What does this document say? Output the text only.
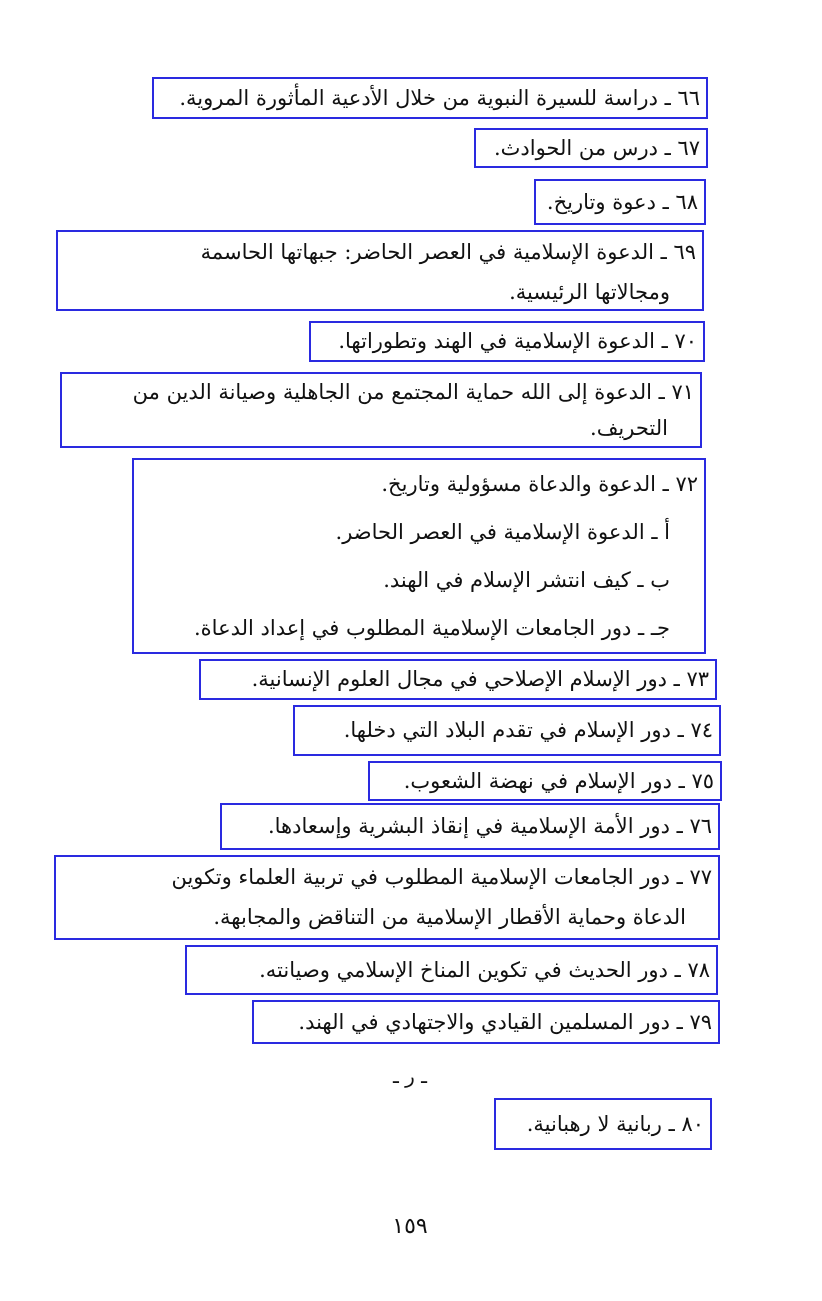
٦٦ ـ دراسة للسيرة النبوية من خلال الأدعية المأثورة المروية.
٦٧ ـ درس من الحوادث.
٦٨ ـ دعوة وتاريخ.
٦٩ ـ الدعوة الإسلامية في العصر الحاضر: جبهاتها الحاسمة
ومجالاتها الرئيسية.
٧٠ ـ الدعوة الإسلامية في الهند وتطوراتها.
٧١ ـ الدعوة إلى الله حماية المجتمع من الجاهلية وصيانة الدين من
التحريف.
٧٢ ـ الدعوة والدعاة مسؤولية وتاريخ.
أ ـ الدعوة الإسلامية في العصر الحاضر.
ب ـ كيف انتشر الإسلام في الهند.
جـ ـ دور الجامعات الإسلامية المطلوب في إعداد الدعاة.
٧٣ ـ دور الإسلام الإصلاحي في مجال العلوم الإنسانية.
٧٤ ـ دور الإسلام في تقدم البلاد التي دخلها.
٧٥ ـ دور الإسلام في نهضة الشعوب.
٧٦ ـ دور الأمة الإسلامية في إنقاذ البشرية وإسعادها.
٧٧ ـ دور الجامعات الإسلامية المطلوب في تربية العلماء وتكوين
الدعاة وحماية الأقطار الإسلامية من التناقض والمجابهة.
٧٨ ـ دور الحديث في تكوين المناخ الإسلامي وصيانته.
٧٩ ـ دور المسلمين القيادي والاجتهادي في الهند.
ـ ر ـ
٨٠ ـ ربانية لا رهبانية.
١٥٩
